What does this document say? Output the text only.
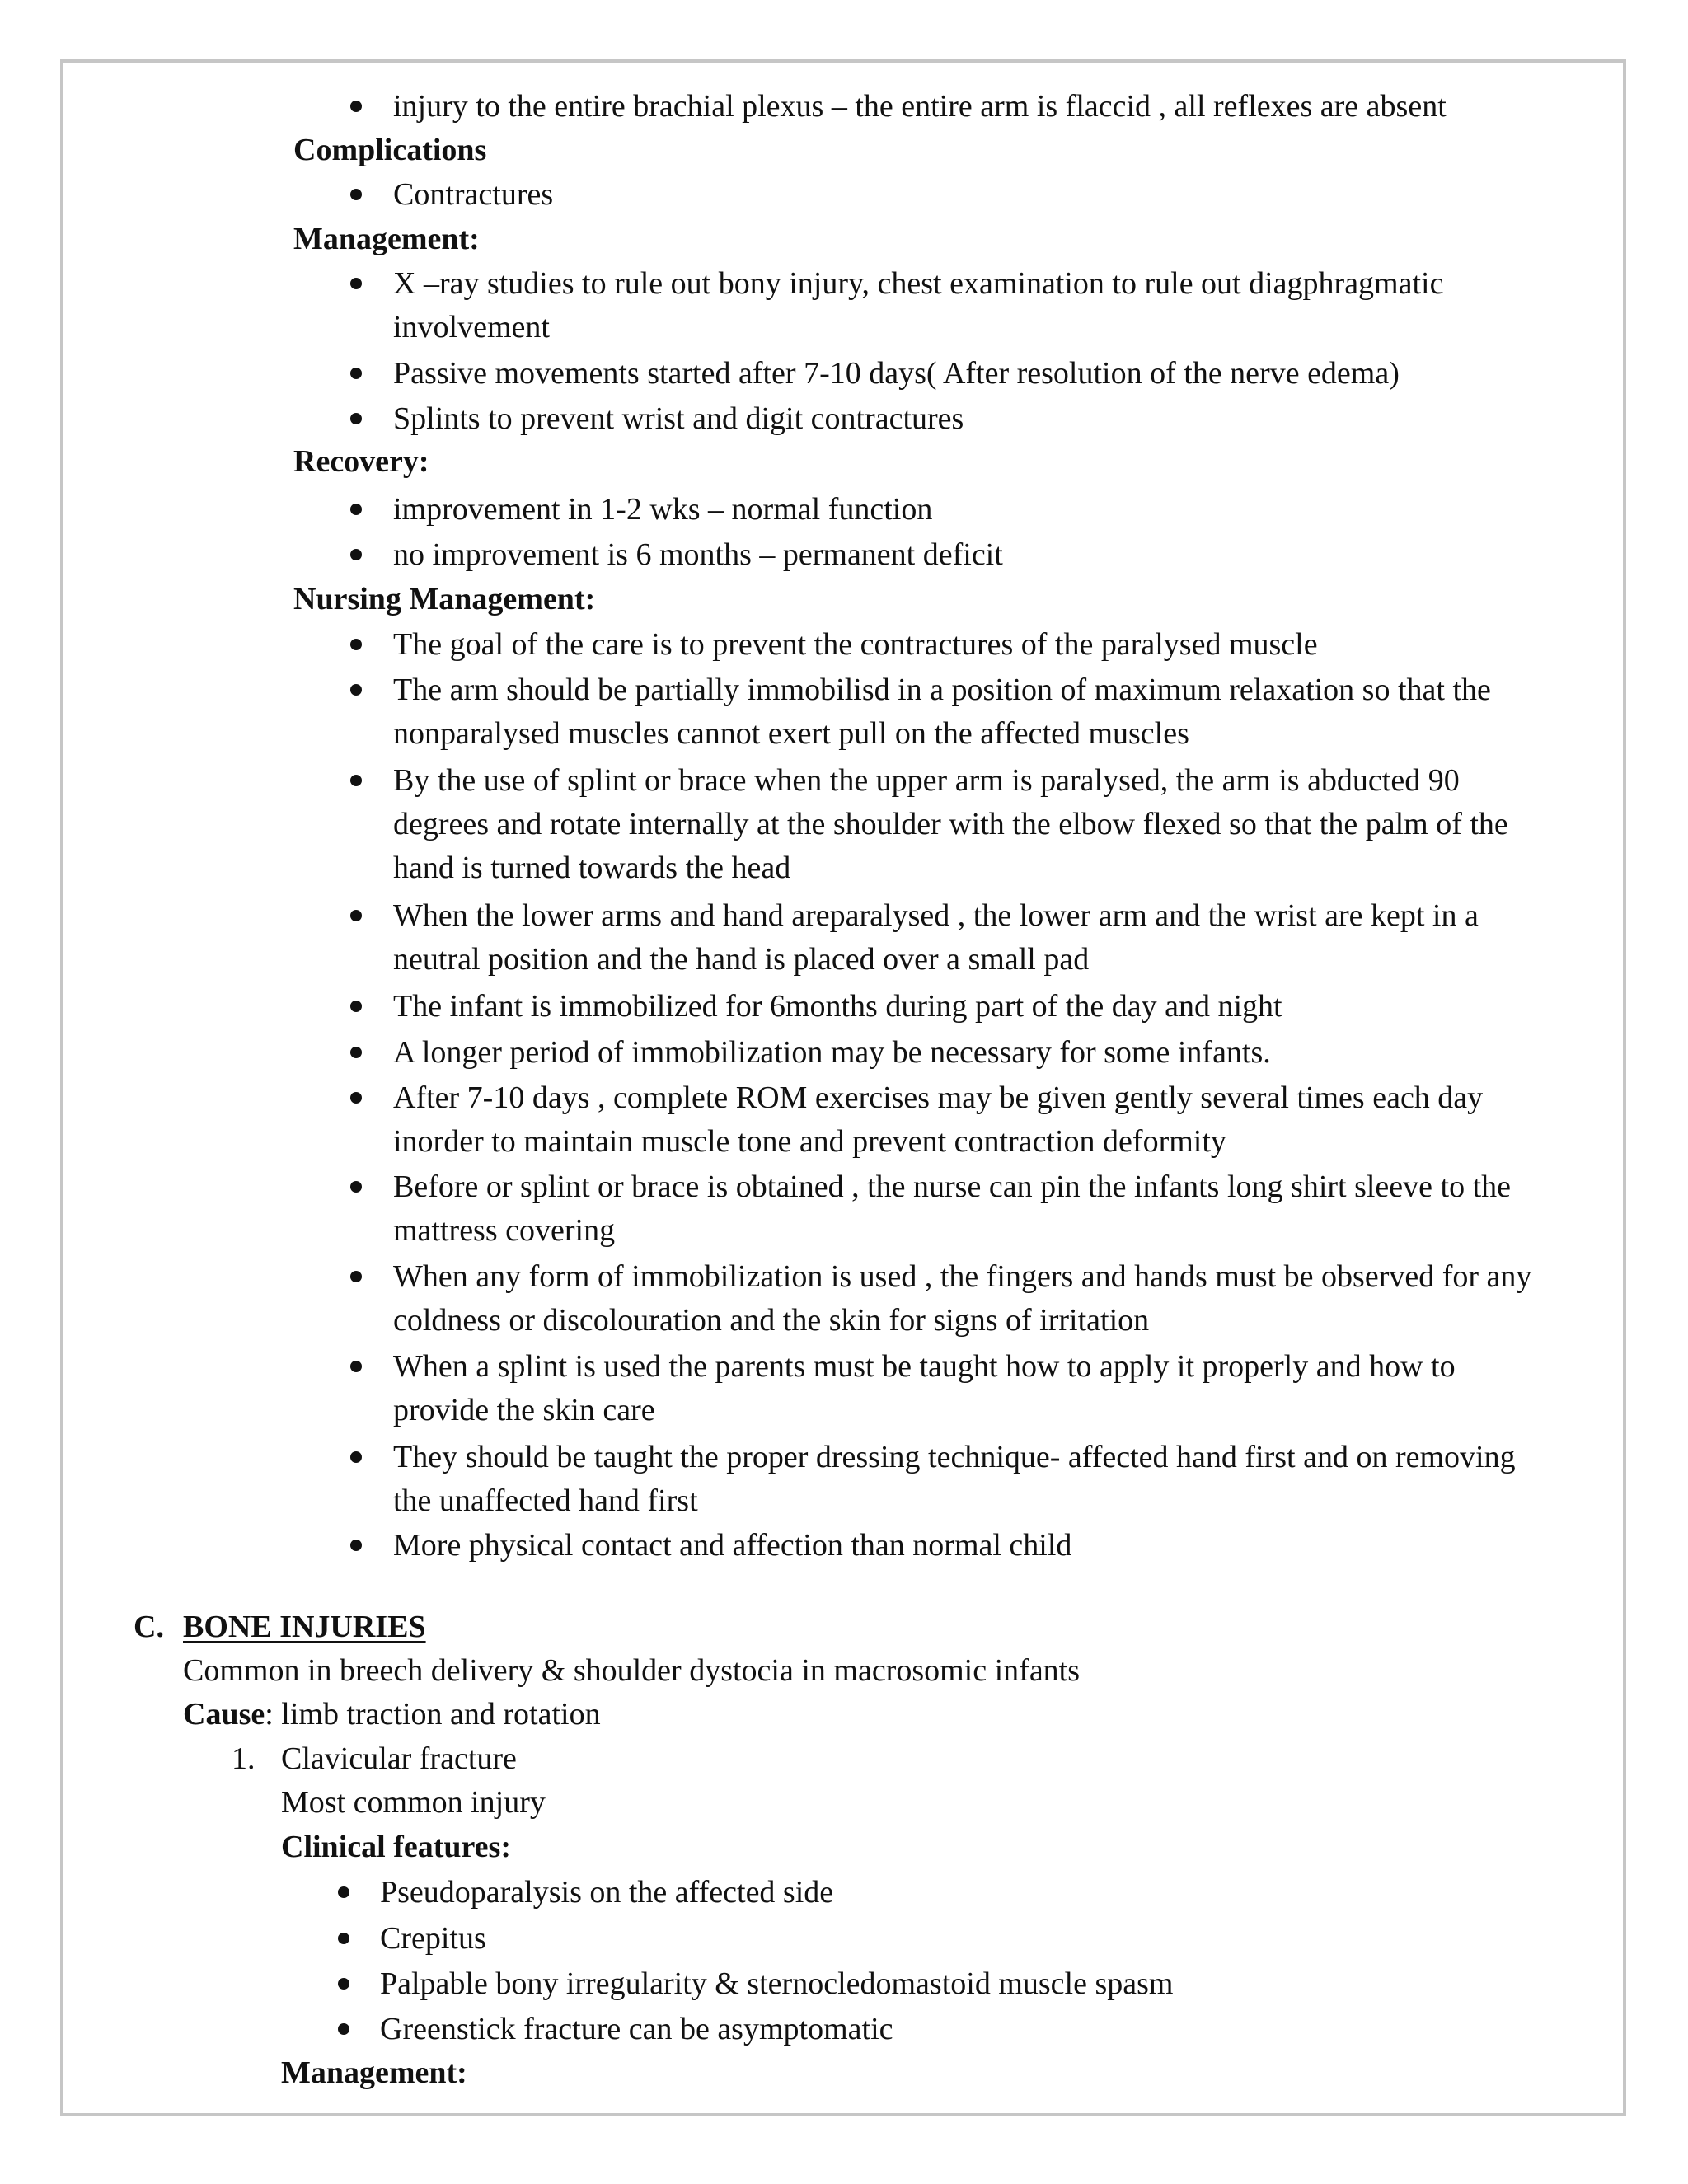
injury to the entire brachial plexus – the entire arm is flaccid , all reflexes are absent
Complications
Contractures
Management:
X –ray studies to rule out bony injury, chest examination to rule out diagphragmatic
involvement
Passive movements started after 7-10 days( After resolution of the nerve edema)
Splints to prevent wrist and digit contractures
Recovery:
improvement in 1-2 wks – normal function
no improvement is 6 months – permanent deficit
Nursing Management:
The goal of the care is to prevent the contractures of the paralysed muscle
The arm should be partially immobilisd in a position of maximum relaxation so that the
nonparalysed muscles cannot exert pull on the affected muscles
By the use of splint or brace when the upper arm is paralysed, the arm is abducted 90
degrees and rotate internally at the shoulder with the elbow flexed so that the palm of the
hand is turned towards the head
When the lower arms and hand areparalysed , the lower arm and the wrist are kept in a
neutral position and the hand is placed over a small pad
The infant is immobilized for 6months during part of the day and night
A longer period of immobilization may be necessary for some infants.
After 7-10 days , complete ROM exercises may be given gently several times each day
inorder to maintain muscle tone and prevent contraction deformity
Before or splint or brace is obtained , the nurse can pin the infants long shirt sleeve to the
mattress covering
When any form of immobilization is used , the fingers and hands must be observed for any
coldness or discolouration and the skin for signs of irritation
When a splint is used the parents must be taught how to apply it properly and how to
provide the skin care
They should be taught the proper dressing technique- affected hand first and on removing
the unaffected hand first
More physical contact and affection than normal child
C. BONE INJURIES
Common in breech delivery & shoulder dystocia in macrosomic infants
Cause: limb traction and rotation
1. Clavicular fracture
Most common injury
Clinical features:
Pseudoparalysis on the affected side
Crepitus
Palpable bony irregularity & sternocledomastoid muscle spasm
Greenstick fracture can be asymptomatic
Management:
